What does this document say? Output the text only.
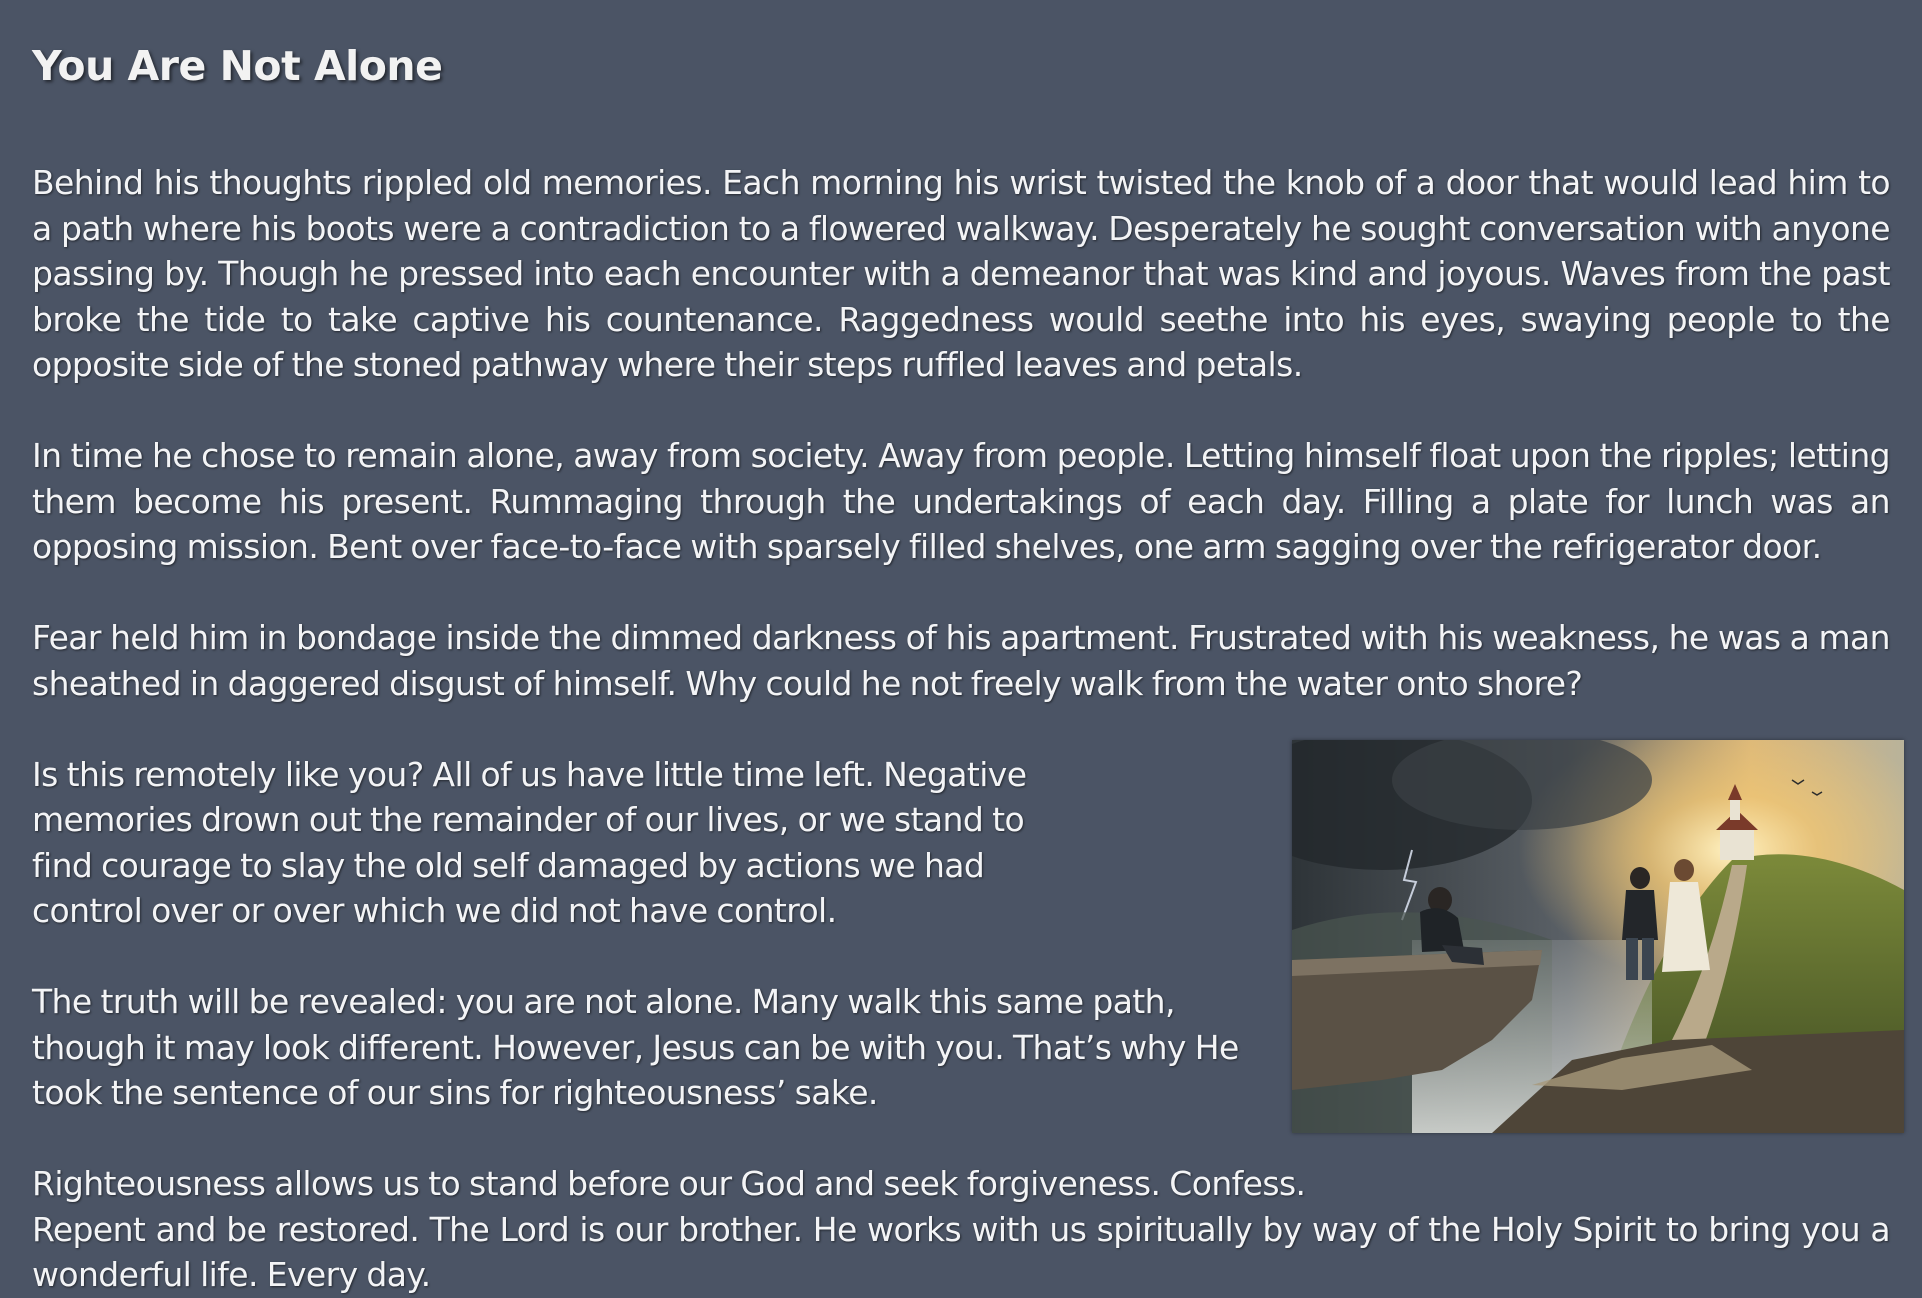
You Are Not Alone

Behind his thoughts rippled old memories. Each morning his wrist twisted the knob of a door that would lead him to a path where his boots were a contradiction to a flowered walkway. Desperately he sought conversation with anyone passing by. Though he pressed into each encounter with a demeanor that was kind and joyous. Waves from the past broke the tide to take captive his countenance. Raggedness would seethe into his eyes, swaying people to the opposite side of the stoned pathway where their steps ruffled leaves and petals.

In time he chose to remain alone, away from society. Away from people. Letting himself float upon the ripples; letting them become his present. Rummaging through the undertakings of each day. Filling a plate for lunch was an opposing mission. Bent over face-to-face with sparsely filled shelves, one arm sagging over the refrigerator door.

Fear held him in bondage inside the dimmed darkness of his apartment. Frustrated with his weakness, he was a man sheathed in daggered disgust of himself. Why could he not freely walk from the water onto shore?

Is this remotely like you? All of us have little time left. Negative memories drown out the remainder of our lives, or we stand to find courage to slay the old self damaged by actions we had control over or over which we did not have control.

The truth will be revealed: you are not alone. Many walk this same path, though it may look different. However, Jesus can be with you. That’s why He took the sentence of our sins for righteousness’ sake.

Righteousness allows us to stand before our God and seek forgiveness. Confess.

Repent and be restored. The Lord is our brother. He works with us spiritually by way of the Holy Spirit to bring you a wonderful life. Every day.
